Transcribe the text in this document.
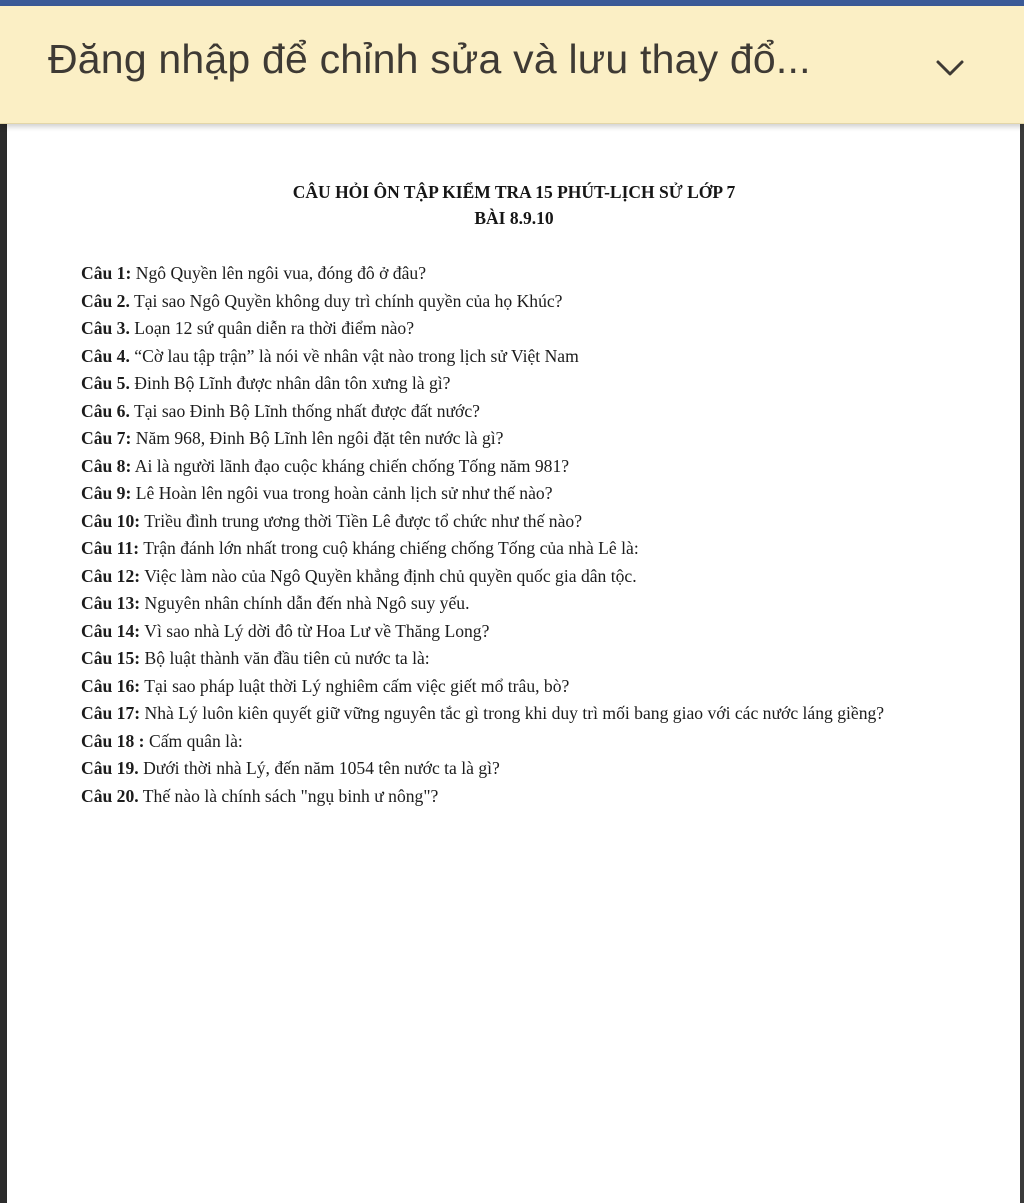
Đăng nhập để chỉnh sửa và lưu thay đổ...
CÂU HỎI ÔN TẬP KIỂM TRA 15 PHÚT-LỊCH SỬ LỚP 7
BÀI 8.9.10
Câu 1: Ngô Quyền lên ngôi vua, đóng đô ở đâu?
Câu 2. Tại sao Ngô Quyền không duy trì chính quyền của họ Khúc?
Câu 3. Loạn 12 sứ quân diễn ra thời điểm nào?
Câu 4. “Cờ lau tập trận” là nói về nhân vật nào trong lịch sử Việt Nam
Câu 5. Đinh Bộ Lĩnh được nhân dân tôn xưng là gì?
Câu 6. Tại sao Đinh Bộ Lĩnh thống nhất được đất nước?
Câu 7: Năm 968, Đinh Bộ Lĩnh lên ngôi đặt tên nước là gì?
Câu 8: Ai là người lãnh đạo cuộc kháng chiến chống Tống năm 981?
Câu 9: Lê Hoàn lên ngôi vua trong hoàn cảnh lịch sử như thế nào?
Câu 10: Triều đình trung ương thời Tiền Lê được tổ chức như thế nào?
Câu 11: Trận đánh lớn nhất trong cuộ kháng chiếng chống Tống của nhà Lê là:
Câu 12: Việc làm nào của Ngô Quyền khẳng định chủ quyền quốc gia dân tộc.
Câu 13: Nguyên nhân chính dẫn đến nhà Ngô suy yếu.
Câu 14: Vì sao nhà Lý dời đô từ Hoa Lư về Thăng Long?
Câu 15: Bộ luật thành văn đầu tiên củ nước ta là:
Câu 16: Tại sao pháp luật thời Lý nghiêm cấm việc giết mổ trâu, bò?
Câu 17: Nhà Lý luôn kiên quyết giữ vững nguyên tắc gì trong khi duy trì mối bang giao với các nước láng giềng?
Câu 18 : Cấm quân là:
Câu 19. Dưới thời nhà Lý, đến năm 1054 tên nước ta là gì?
Câu 20. Thế nào là chính sách "ngụ binh ư nông"?
